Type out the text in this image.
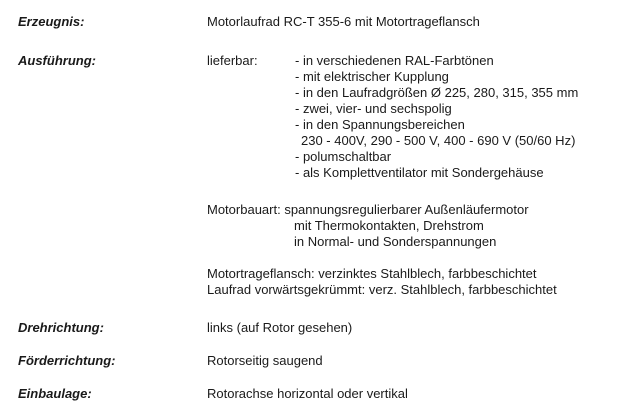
Erzeugnis:	Motorlaufrad RC-T 355-6 mit Motortrageflansch
Ausführung:	lieferbar:	- in verschiedenen RAL-Farbtönen
- mit elektrischer Kupplung
- in den Laufradgrößen Ø 225, 280, 315, 355 mm
- zwei, vier- und sechspolig
- in den Spannungsbereichen
230 - 400V, 290 - 500 V, 400 - 690 V (50/60 Hz)
- polumschaltbar
- als Komplettventilator mit Sondergehäuse
Motorbauart: spannungsregulierbarer Außenläufermotor
mit Thermokontakten, Drehstrom
in Normal- und Sonderspannungen
Motortrageflansch: verzinktes Stahlblech, farbbeschichtet
Laufrad vorwärtsgekrümmt: verz. Stahlblech, farbbeschichtet
Drehrichtung:	links (auf Rotor gesehen)
Förderrichtung:	Rotorseitig saugend
Einbaulage:	Rotorachse horizontal oder vertikal
